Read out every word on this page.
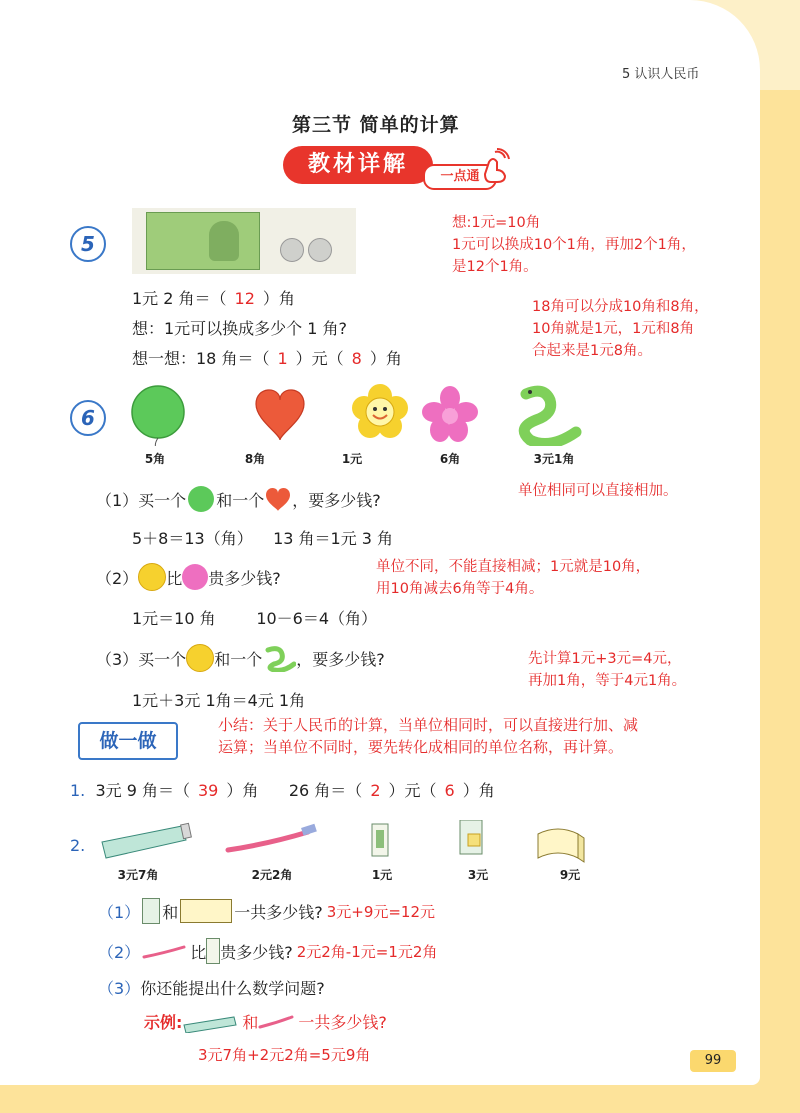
5 认识人民币
第三节 简单的计算
教材详解	一点通
5
1元 2 角＝（ 12 ）角
想：1元可以换成多少个 1 角?
想一想：18 角＝（ 1 ）元（ 8 ）角
想:1元=10角
1元可以换成10个1角，再加2个1角，
是12个1角。
18角可以分成10角和8角，
10角就是1元，1元和8角
合起来是1元8角。
6
5角	8角	1元	6角	3元1角
（1）买一个 和一个 ，要多少钱?	单位相同可以直接相加。
5＋8＝13（角）    13 角＝1元 3 角
（2） 比 贵多少钱?
单位不同，不能直接相减；1元就是10角，
用10角减去6角等于4角。
1元＝10 角        10－6＝4（角）
（3）买一个 和一个 ，要多少钱?	先计算1元+3元=4元，
再加1角，等于4元1角。
1元＋3元 1角＝4元 1角
做一做
小结：关于人民币的计算，当单位相同时，可以直接进行加、减
运算；当单位不同时，要先转化成相同的单位名称，再计算。
1. 3元 9 角＝（ 39 ）角      26 角＝（ 2 ）元（ 6 ）角
2.
3元7角	2元2角	1元	3元	9元
（1） 和	一共多少钱? 3元+9元=12元
（2）	比 贵多少钱? 2元2角-1元=1元2角
（3）你还能提出什么数学问题?
示例:	和	一共多少钱?
3元7角+2元2角=5元9角	99
